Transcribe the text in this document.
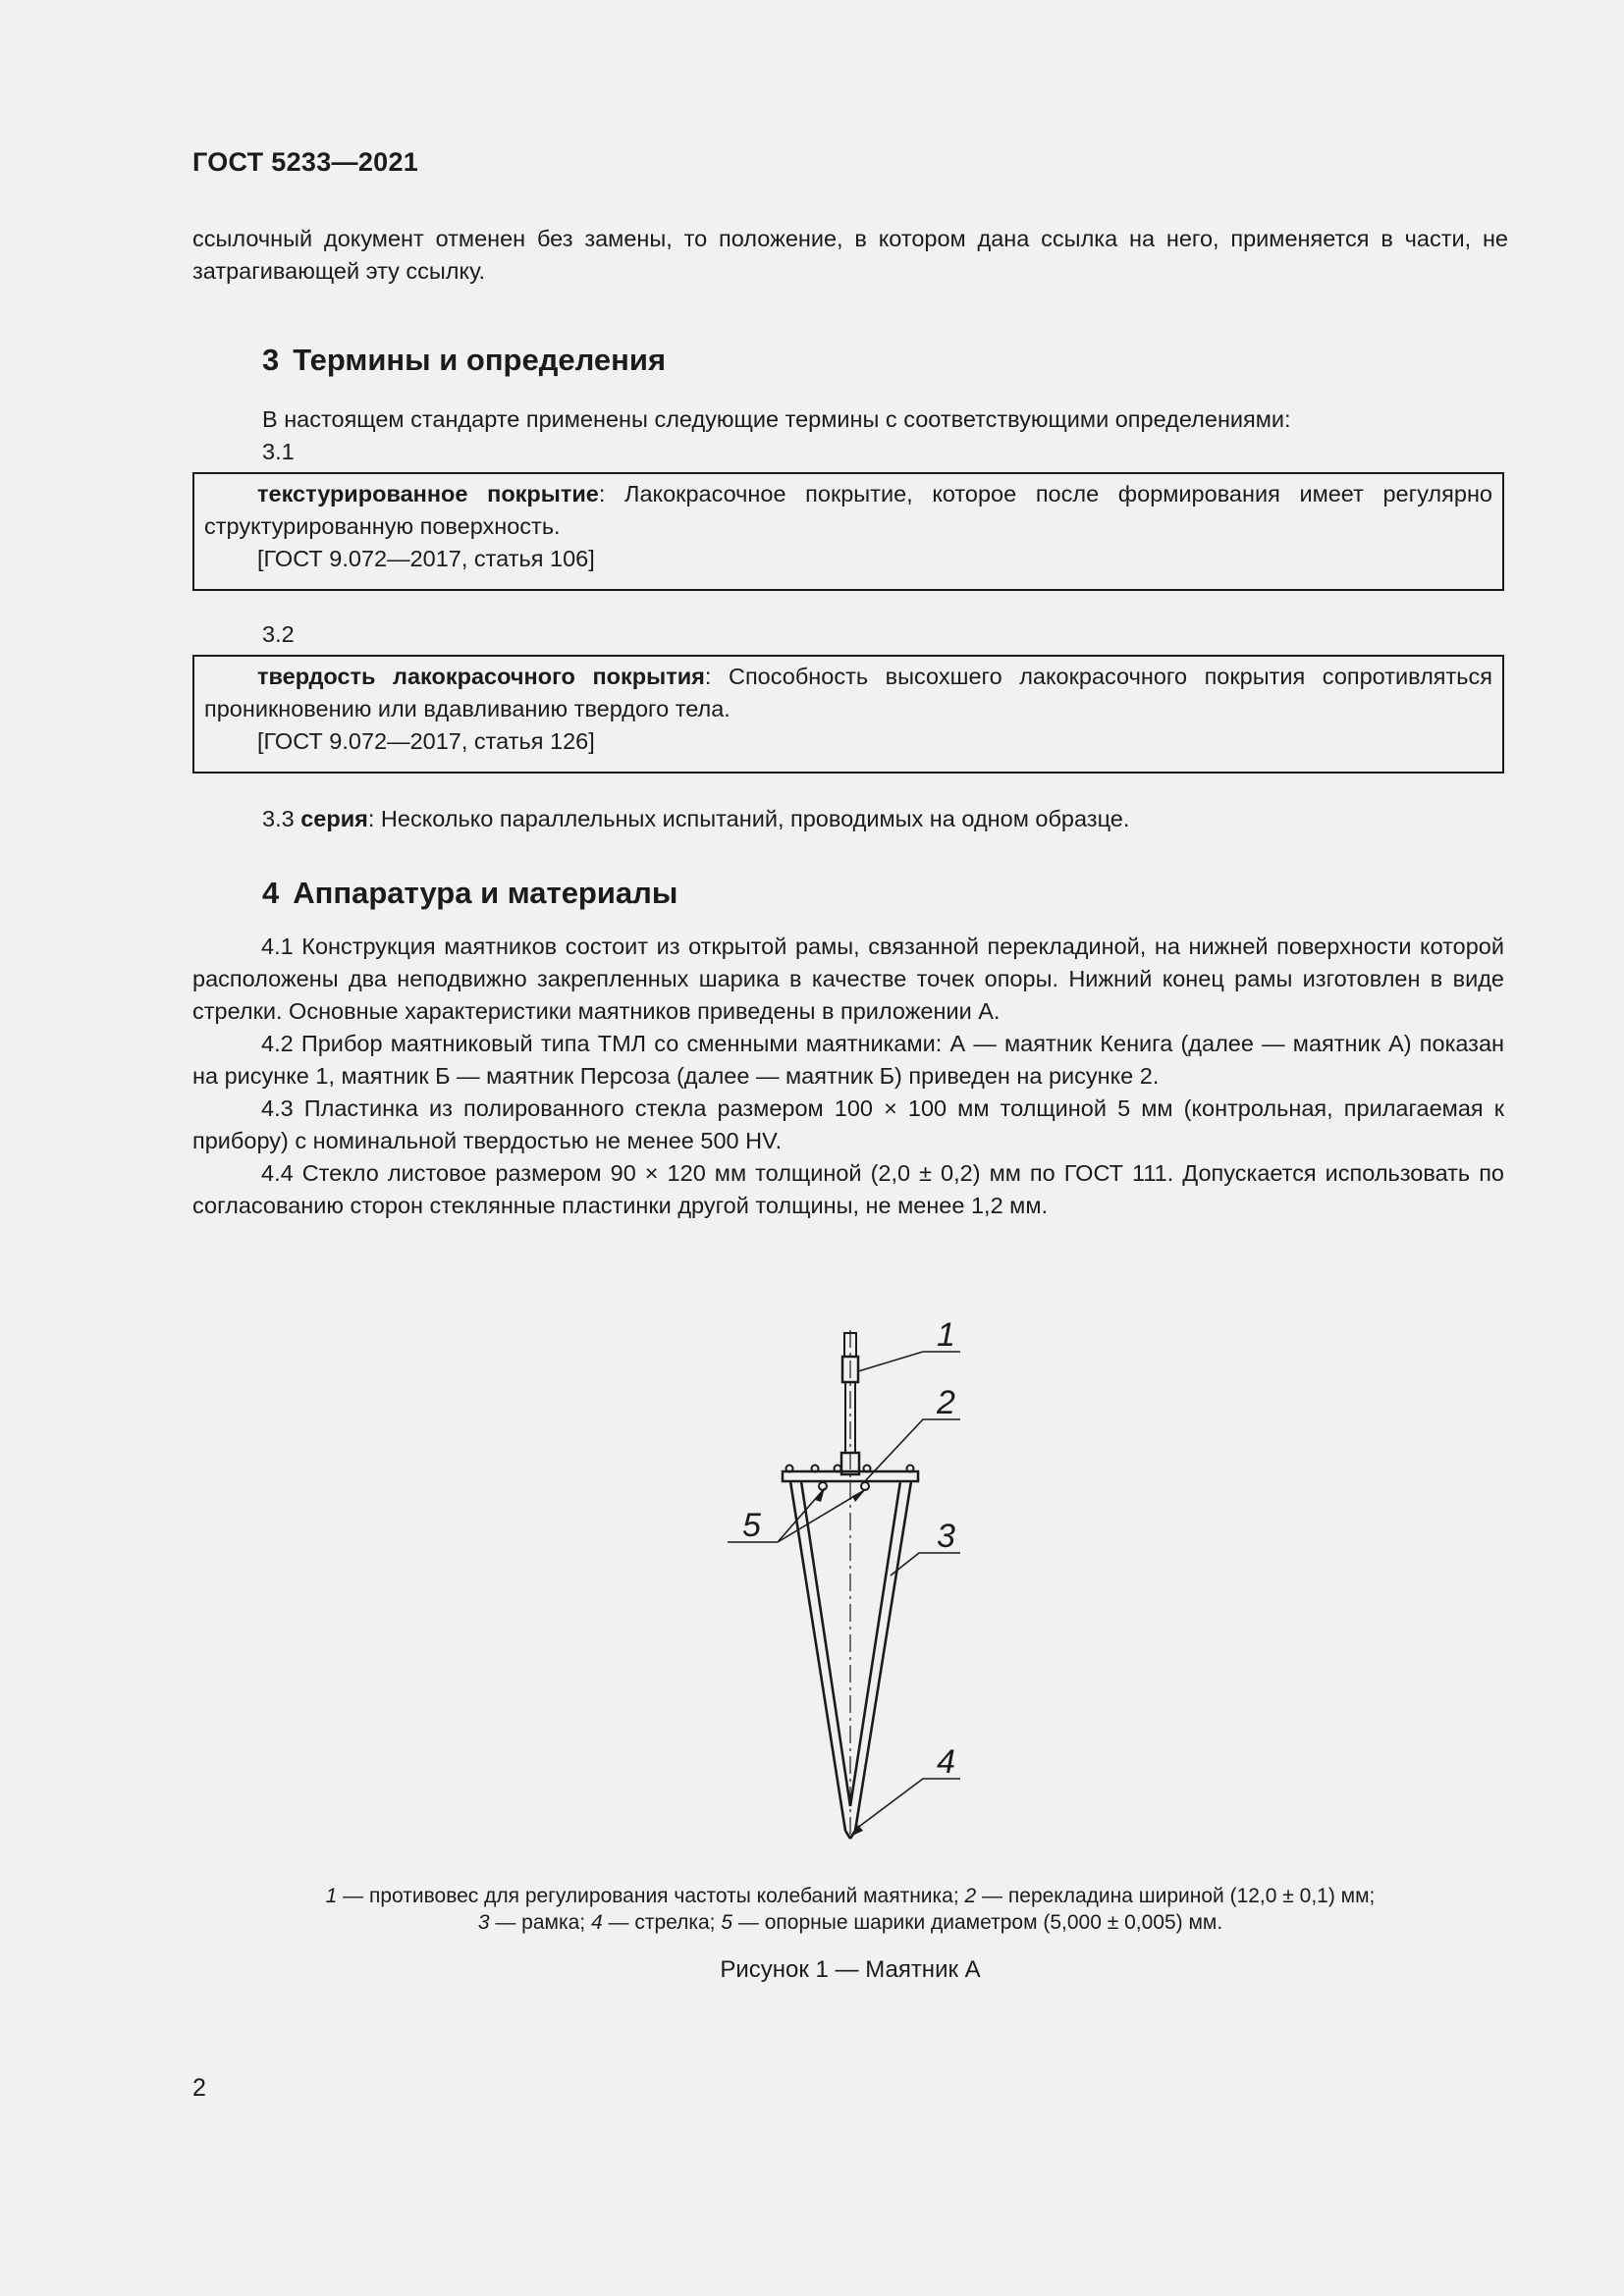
ГОСТ 5233—2021
ссылочный документ отменен без замены, то положение, в котором дана ссылка на него, применяется в части, не затрагивающей эту ссылку.
3 Термины и определения
В настоящем стандарте применены следующие термины с соответствующими определениями:
3.1

текстурированное покрытие: Лакокрасочное покрытие, которое после формирования имеет регулярно структурированную поверхность.

[ГОСТ 9.072—2017, статья 106]

3.2

твердость лакокрасочного покрытия: Способность высохшего лакокрасочного покрытия сопротивляться проникновению или вдавливанию твердого тела.

[ГОСТ 9.072—2017, статья 126]

3.3 серия: Несколько параллельных испытаний, проводимых на одном образце.
4 Аппаратура и материалы

4.1 Конструкция маятников состоит из открытой рамы, связанной перекладиной, на нижней поверхности которой расположены два неподвижно закрепленных шарика в качестве точек опоры. Нижний конец рамы изготовлен в виде стрелки. Основные характеристики маятников приведены в приложении А.

4.2 Прибор маятниковый типа ТМЛ со сменными маятниками: А — маятник Кенига (далее — маятник А) показан на рисунке 1, маятник Б — маятник Персоза (далее — маятник Б) приведен на рисунке 2.

4.3 Пластинка из полированного стекла размером 100 × 100 мм толщиной 5 мм (контрольная, прилагаемая к прибору) с номинальной твердостью не менее 500 HV.

4.4 Стекло листовое размером 90 × 120 мм толщиной (2,0 ± 0,2) мм по ГОСТ 111. Допускается использовать по согласованию сторон стеклянные пластинки другой толщины, не менее 1,2 мм.

1
2
3
4
5
1 — противовес для регулирования частоты колебаний маятника; 2 — перекладина шириной (12,0 ± 0,1) мм;
3 — рамка; 4 — стрелка; 5 — опорные шарики диаметром (5,000 ± 0,005) мм.
Рисунок 1 — Маятник А
2
